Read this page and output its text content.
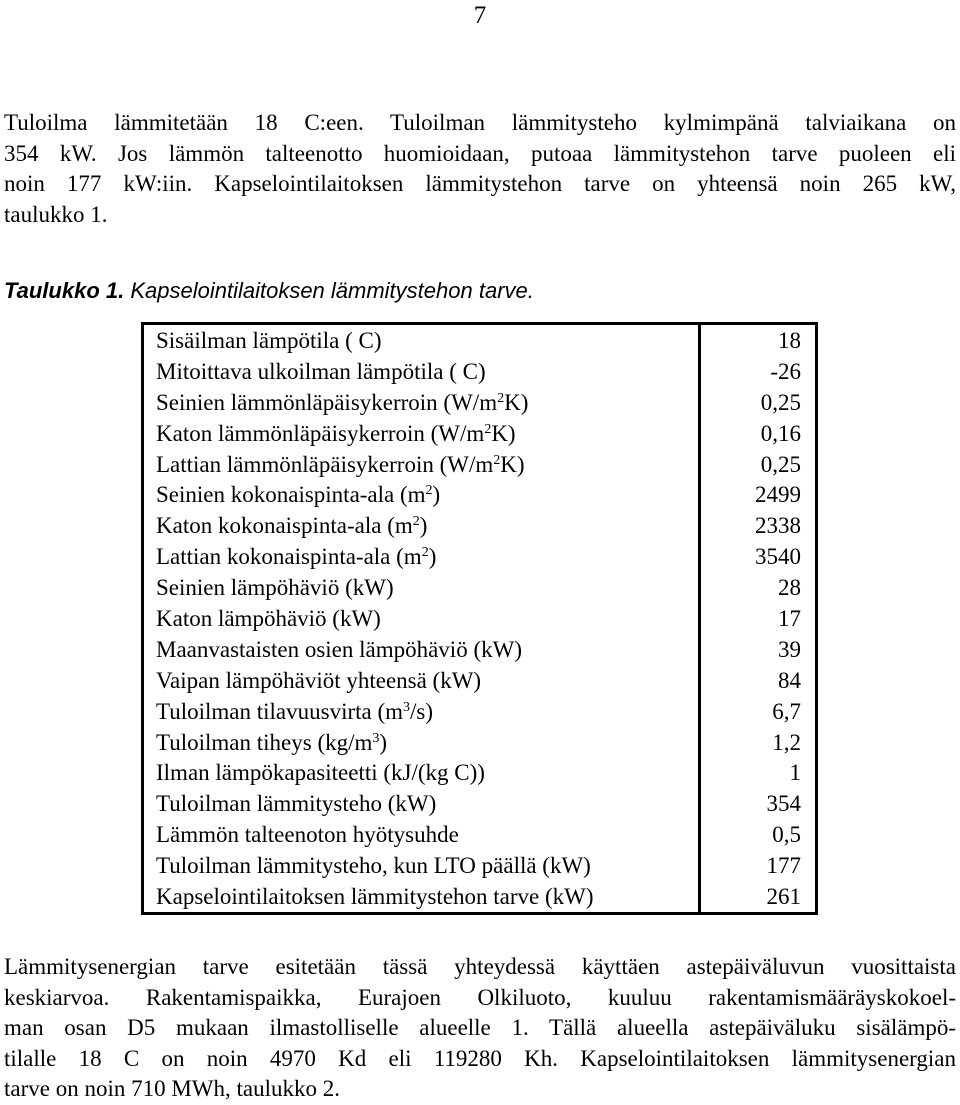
7
Tuloilma lämmitetään 18 C:een. Tuloilman lämmitysteho kylmimpänä talviaikana on
354 kW. Jos lämmön talteenotto huomioidaan, putoaa lämmitystehon tarve puoleen eli
noin 177 kW:iin. Kapselointilaitoksen lämmitystehon tarve on yhteensä noin 265 kW,
taulukko 1.
Taulukko 1. Kapselointilaitoksen lämmitystehon tarve.
Sisäilman lämpötila ( C)	18
Mitoittava ulkoilman lämpötila ( C)	-26
Seinien lämmönläpäisykerroin $(W/m^2K)$	0,25
Katon lämmönläpäisykerroin $(W/m^2K)$	0,16
Lattian lämmönläpäisykerroin $(W/m^2K)$	0,25
Seinien kokonaispinta-ala $(m^2)$	2499
Katon kokonaispinta-ala $(m^2)$	2338
Lattian kokonaispinta-ala $(m^2)$	3540
Seinien lämpöhäviö (kW)	28
Katon lämpöhäviö (kW)	17
Maanvastaisten osien lämpöhäviö (kW)	39
Vaipan lämpöhäviöt yhteensä (kW)	84
Tuloilman tilavuusvirta $(m^3/s)$	6,7
Tuloilman tiheys $(kg/m^3)$	1,2
Ilman lämpökapasiteetti (kJ/(kg C))	1
Tuloilman lämmitysteho (kW)	354
Lämmön talteenoton hyötysuhde	0,5
Tuloilman lämmitysteho, kun LTO päällä (kW)	177
Kapselointilaitoksen lämmitystehon tarve (kW)	261
Lämmitysenergian tarve esitetään tässä yhteydessä käyttäen astepäiväluvun vuosittaista
keskiarvoa. Rakentamispaikka, Eurajoen Olkiluoto, kuuluu rakentamismääräyskokoel-
man osan D5 mukaan ilmastolliselle alueelle 1. Tällä alueella astepäiväluku sisälämpö-
tilalle 18 C on noin 4970 Kd eli 119280 Kh. Kapselointilaitoksen lämmitysenergian
tarve on noin 710 MWh, taulukko 2.
